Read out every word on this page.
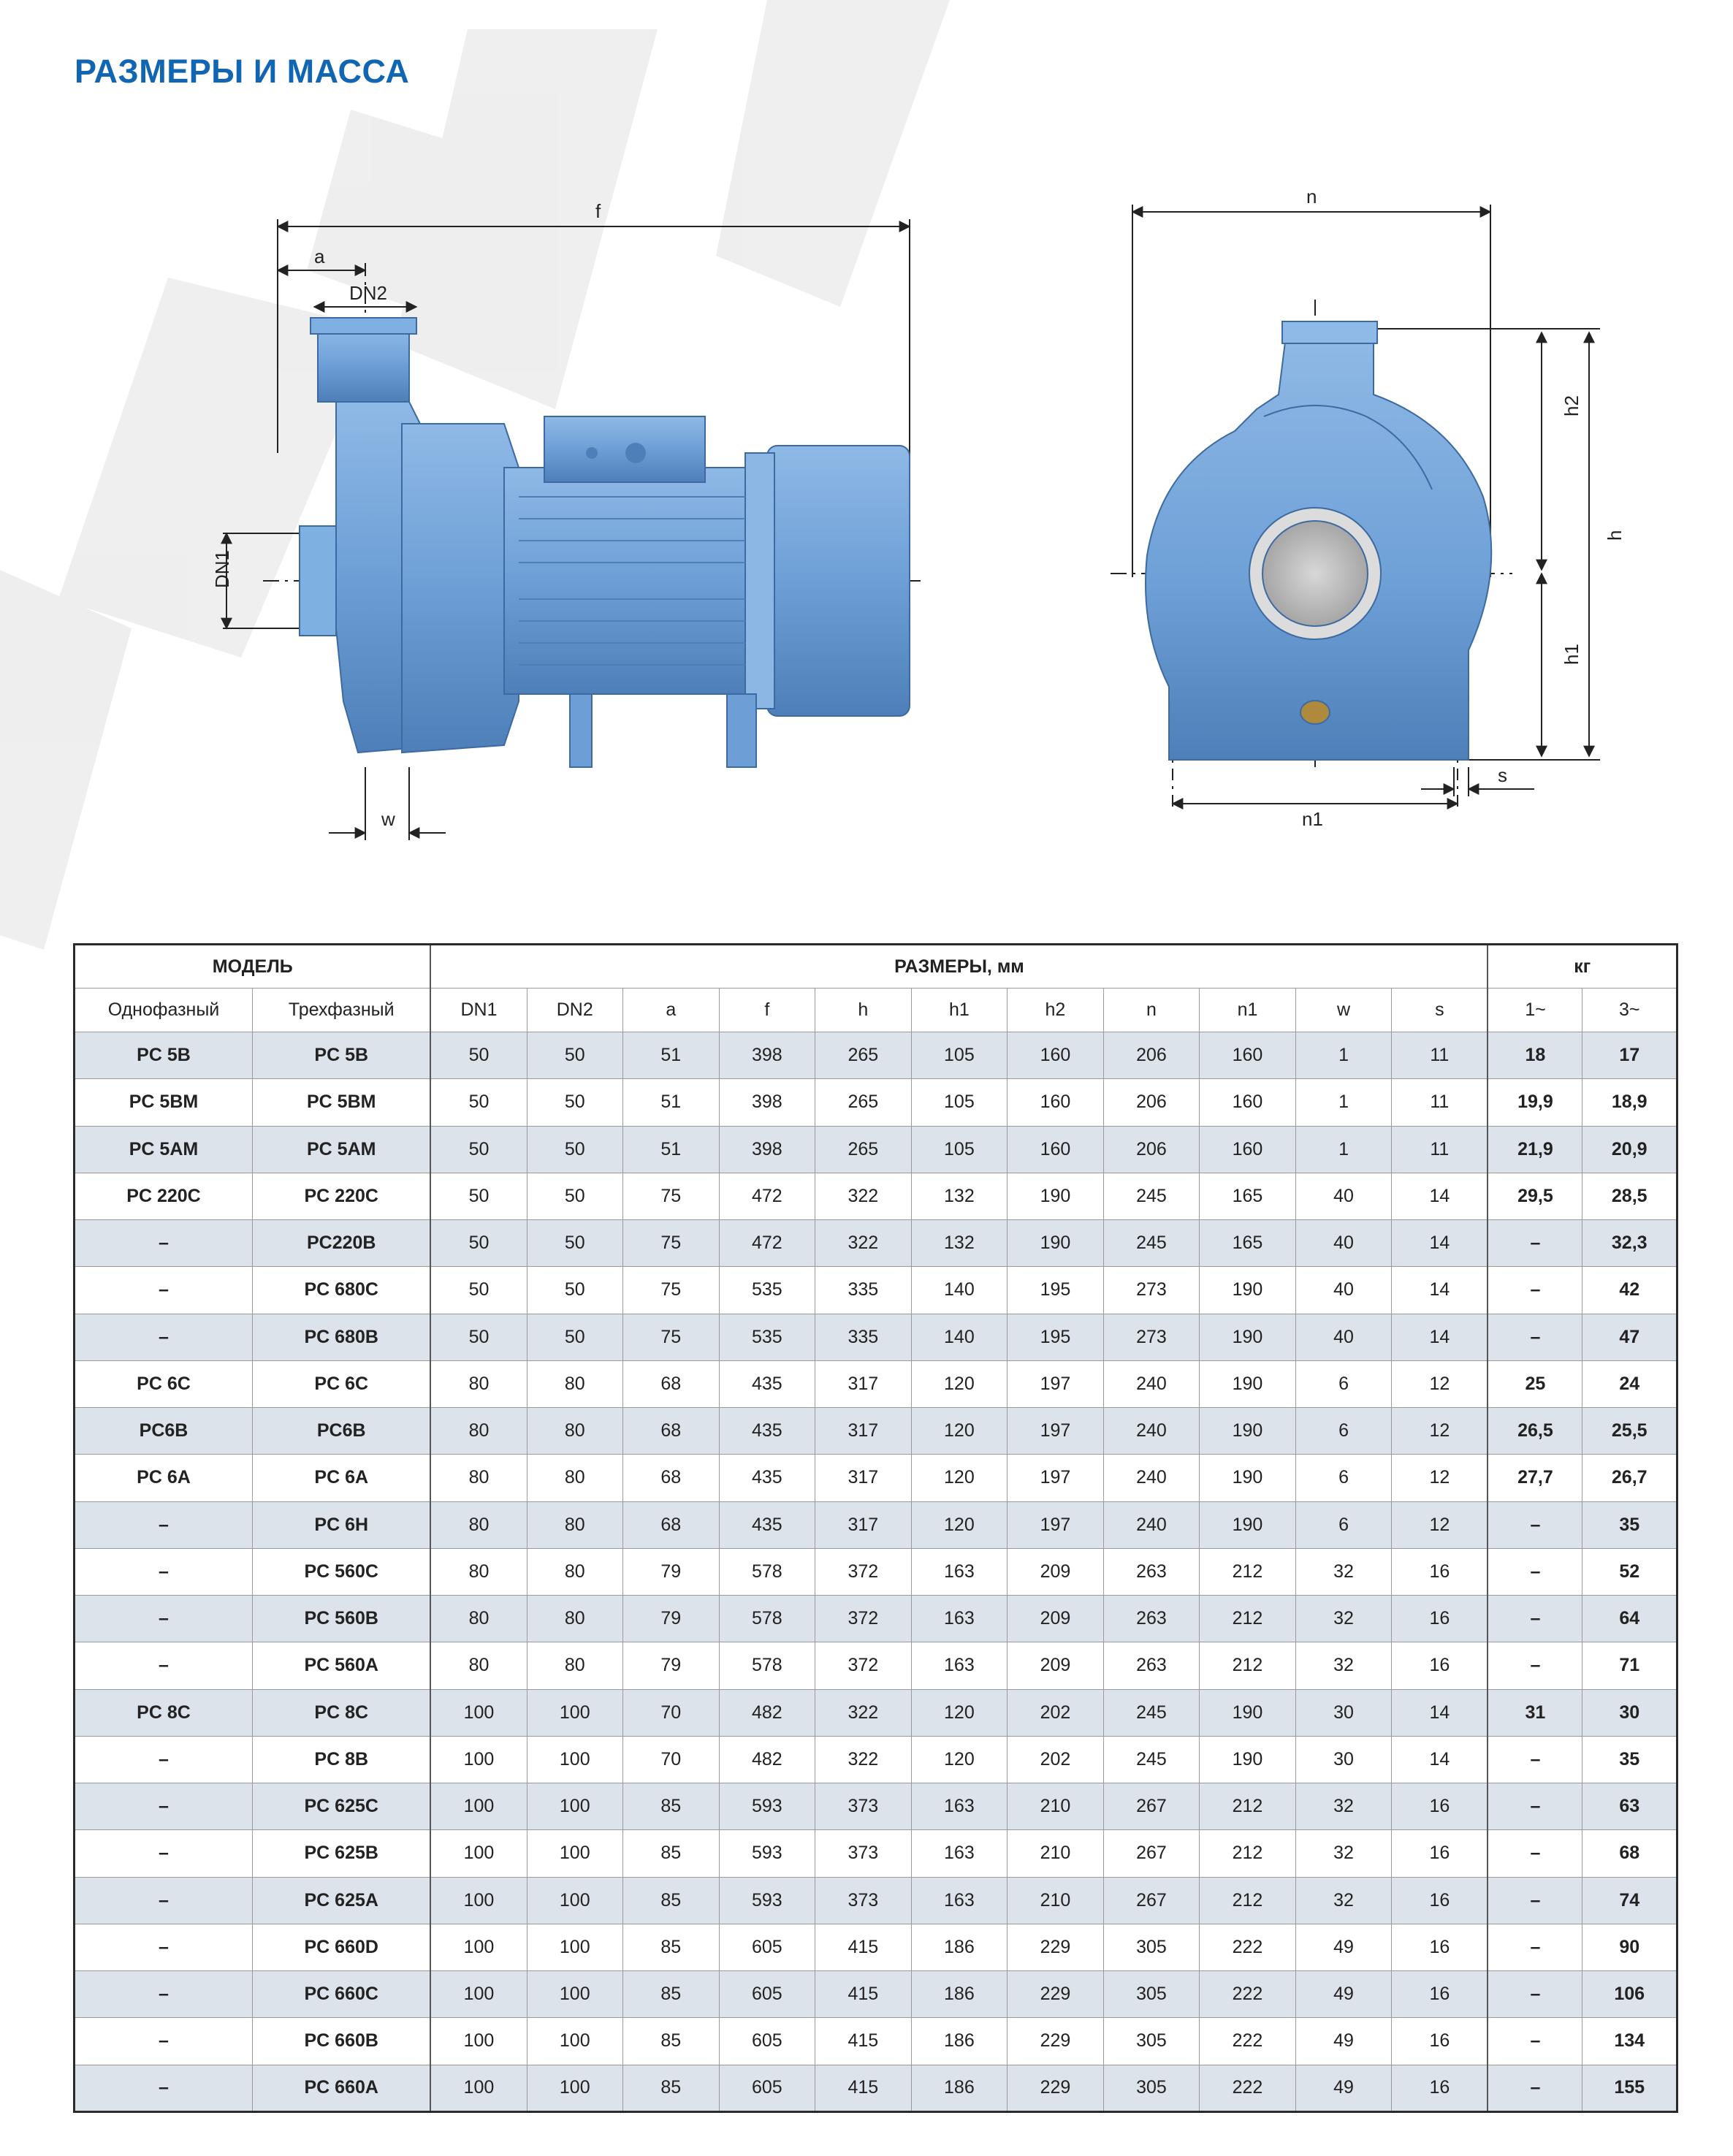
РАЗМЕРЫ И МАССА
f
a
DN2
DN1
w
n
h2
h
h1
n1
s
МОДЕЛЬ		РАЗМЕРЫ, мм											кг	
Однофазный	Трехфазный	DN1	DN2	a	f	h	h1	h2	n	n1	w	s	1~	3~
PC 5B	PC 5B	50	50	51	398	265	105	160	206	160	1	11	18	17
PC 5BM	PC 5BM	50	50	51	398	265	105	160	206	160	1	11	19,9	18,9
PC 5AM	PC 5AM	50	50	51	398	265	105	160	206	160	1	11	21,9	20,9
PC 220C	PC 220C	50	50	75	472	322	132	190	245	165	40	14	29,5	28,5
–	PC220B	50	50	75	472	322	132	190	245	165	40	14	–	32,3
–	PC 680C	50	50	75	535	335	140	195	273	190	40	14	–	42
–	PC 680B	50	50	75	535	335	140	195	273	190	40	14	–	47
PC 6C	PC 6C	80	80	68	435	317	120	197	240	190	6	12	25	24
PC6B	PC6B	80	80	68	435	317	120	197	240	190	6	12	26,5	25,5
PC 6A	PC 6A	80	80	68	435	317	120	197	240	190	6	12	27,7	26,7
–	PC 6H	80	80	68	435	317	120	197	240	190	6	12	–	35
–	PC 560C	80	80	79	578	372	163	209	263	212	32	16	–	52
–	PC 560B	80	80	79	578	372	163	209	263	212	32	16	–	64
–	PC 560A	80	80	79	578	372	163	209	263	212	32	16	–	71
PC 8C	PC 8C	100	100	70	482	322	120	202	245	190	30	14	31	30
–	PC 8B	100	100	70	482	322	120	202	245	190	30	14	–	35
–	PC 625C	100	100	85	593	373	163	210	267	212	32	16	–	63
–	PC 625B	100	100	85	593	373	163	210	267	212	32	16	–	68
–	PC 625A	100	100	85	593	373	163	210	267	212	32	16	–	74
–	PC 660D	100	100	85	605	415	186	229	305	222	49	16	–	90
–	PC 660C	100	100	85	605	415	186	229	305	222	49	16	–	106
–	PC 660B	100	100	85	605	415	186	229	305	222	49	16	–	134
–	PC 660A	100	100	85	605	415	186	229	305	222	49	16	–	155
